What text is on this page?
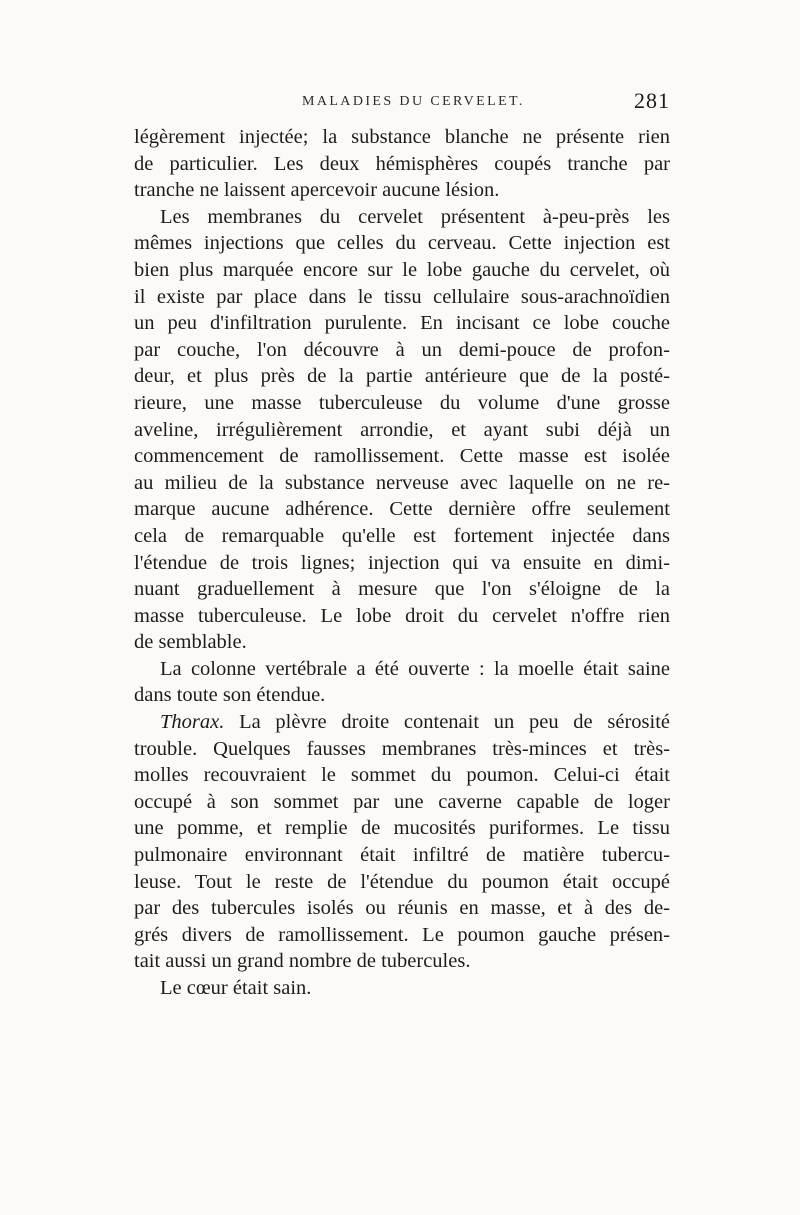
MALADIES DU CERVELET.	281
légèrement injectée; la substance blanche ne présente rien
de particulier. Les deux hémisphères coupés tranche par
tranche ne laissent apercevoir aucune lésion.
Les membranes du cervelet présentent à-peu-près les
mêmes injections que celles du cerveau. Cette injection est
bien plus marquée encore sur le lobe gauche du cervelet, où
il existe par place dans le tissu cellulaire sous-arachnoïdien
un peu d'infiltration purulente. En incisant ce lobe couche
par couche, l'on découvre à un demi-pouce de profon-
deur, et plus près de la partie antérieure que de la posté-
rieure, une masse tuberculeuse du volume d'une grosse
aveline, irrégulièrement arrondie, et ayant subi déjà un
commencement de ramollissement. Cette masse est isolée
au milieu de la substance nerveuse avec laquelle on ne re-
marque aucune adhérence. Cette dernière offre seulement
cela de remarquable qu'elle est fortement injectée dans
l'étendue de trois lignes; injection qui va ensuite en dimi-
nuant graduellement à mesure que l'on s'éloigne de la
masse tuberculeuse. Le lobe droit du cervelet n'offre rien
de semblable.
La colonne vertébrale a été ouverte : la moelle était saine
dans toute son étendue.
Thorax. La plèvre droite contenait un peu de sérosité
trouble. Quelques fausses membranes très-minces et très-
molles recouvraient le sommet du poumon. Celui-ci était
occupé à son sommet par une caverne capable de loger
une pomme, et remplie de mucosités puriformes. Le tissu
pulmonaire environnant était infiltré de matière tubercu-
leuse. Tout le reste de l'étendue du poumon était occupé
par des tubercules isolés ou réunis en masse, et à des de-
grés divers de ramollissement. Le poumon gauche présen-
tait aussi un grand nombre de tubercules.
Le cœur était sain.
